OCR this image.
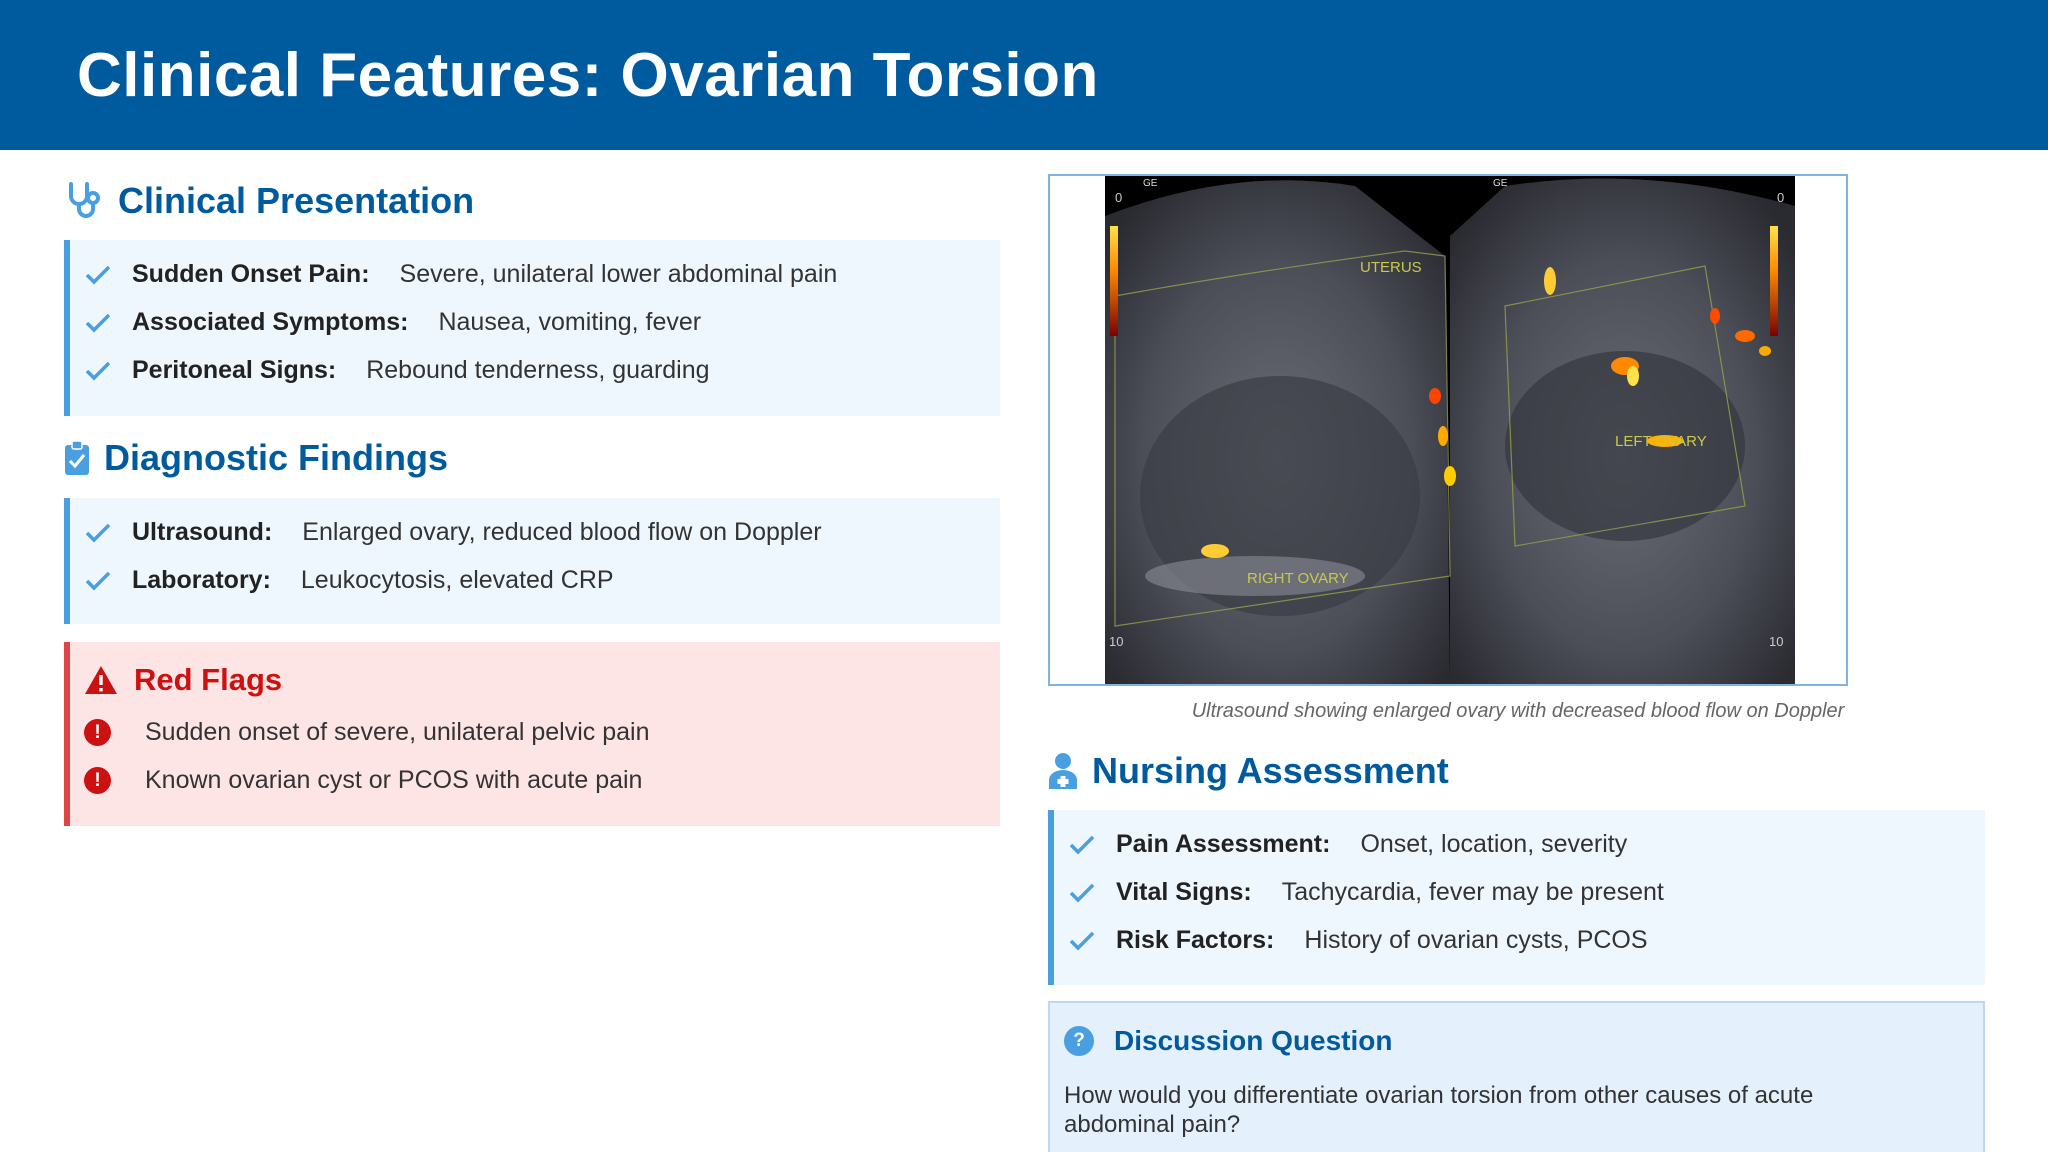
Clinical Features: Ovarian Torsion
Clinical Presentation
Sudden Onset Pain: Severe, unilateral lower abdominal pain
Associated Symptoms: Nausea, vomiting, fever
Peritoneal Signs: Rebound tenderness, guarding
Diagnostic Findings
Ultrasound: Enlarged ovary, reduced blood flow on Doppler
Laboratory: Leukocytosis, elevated CRP
Red Flags
!	Sudden onset of severe, unilateral pelvic pain
!	Known ovarian cyst or PCOS with acute pain
GE	GE
0	0
10	10
UTERUS
LEFT OVARY
RIGHT OVARY
Ultrasound showing enlarged ovary with decreased blood flow on Doppler
Nursing Assessment
Pain Assessment: Onset, location, severity
Vital Signs: Tachycardia, fever may be present
Risk Factors: History of ovarian cysts, PCOS
?	Discussion Question
How would you differentiate ovarian torsion from other causes of acute abdominal pain?
